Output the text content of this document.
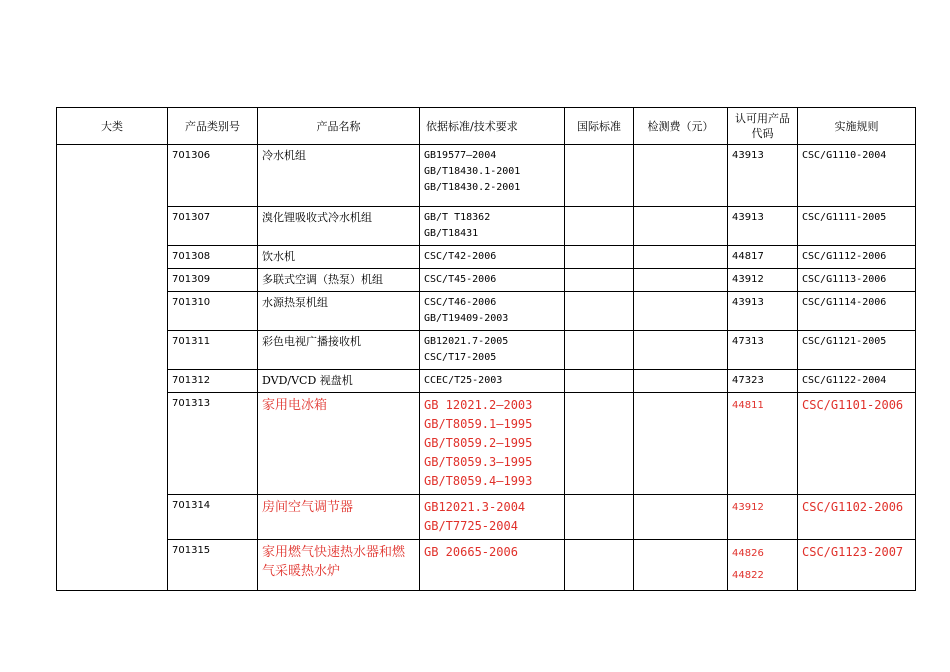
大类	产品类别号	产品名称	依据标准/技术要求	国际标准	检测费（元）	认可用产品代码	实施规则

	701306	冷水机组	GB19577—2004
GB/T18430.1-2001
GB/T18430.2-2001			43913	CSC/G1110-2004

	701307	溴化锂吸收式冷水机组	GB/T T18362
GB/T18431			43913	CSC/G1111-2005

	701308	饮水机	CSC/T42-2006			44817	CSC/G1112-2006

	701309	多联式空调（热泵）机组	CSC/T45-2006			43912	CSC/G1113-2006

	701310	水源热泵机组	CSC/T46-2006
GB/T19409-2003			43913	CSC/G1114-2006

	701311	彩色电视广播接收机	GB12021.7-2005
CSC/T17-2005			47313	CSC/G1121-2005

	701312	DVD/VCD 视盘机	CCEC/T25-2003			47323	CSC/G1122-2004

	701313	家用电冰箱	GB 12021.2—2003
GB/T8059.1—1995
GB/T8059.2—1995
GB/T8059.3—1995
GB/T8059.4—1993			44811	CSC/G1101-2006

	701314	房间空气调节器	GB12021.3-2004
GB/T7725-2004			43912	CSC/G1102-2006

	701315	家用燃气快速热水器和燃气采暖热水炉	GB 20665-2006			44826
44822	CSC/G1123-2007
